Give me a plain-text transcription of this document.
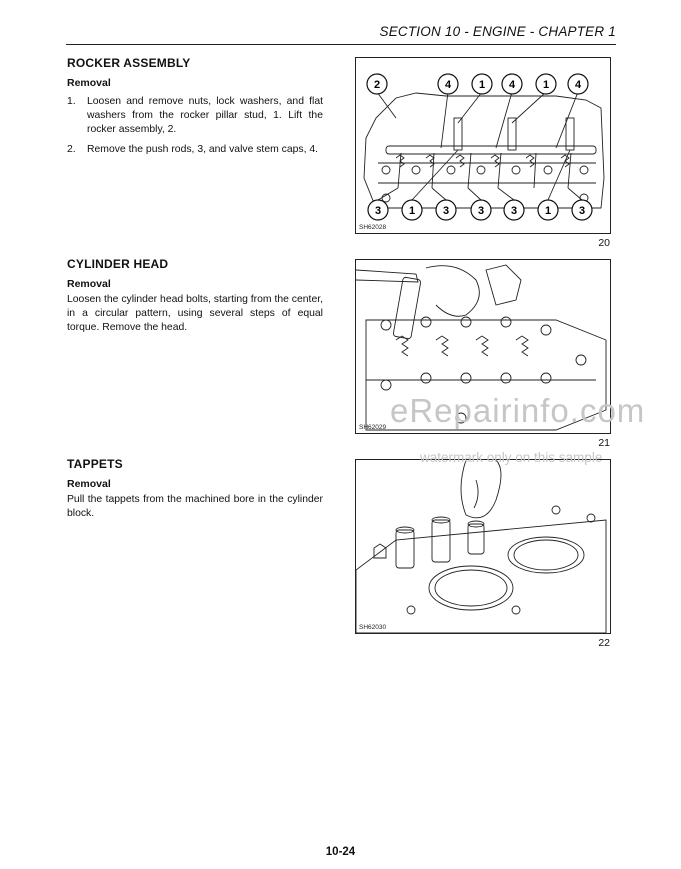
SECTION 10 - ENGINE - CHAPTER 1
ROCKER ASSEMBLY
Removal
1. Loosen and remove nuts, lock washers, and flat washers from the rocker pillar stud, 1. Lift the rocker assembly, 2.
2. Remove the push rods, 3, and valve stem caps, 4.
2	4	1 4	1 4
3	1	3	3 3	1	3
SH62028
20
CYLINDER HEAD
Removal
Loosen the cylinder head bolts, starting from the center, in a circular pattern, using several steps of equal torque. Remove the head.
SH62029
21
TAPPETS
Removal
Pull the tappets from the machined bore in the cylinder block.
SH62030
22
eRepairinfo.com
watermark only on this sample
10-24
